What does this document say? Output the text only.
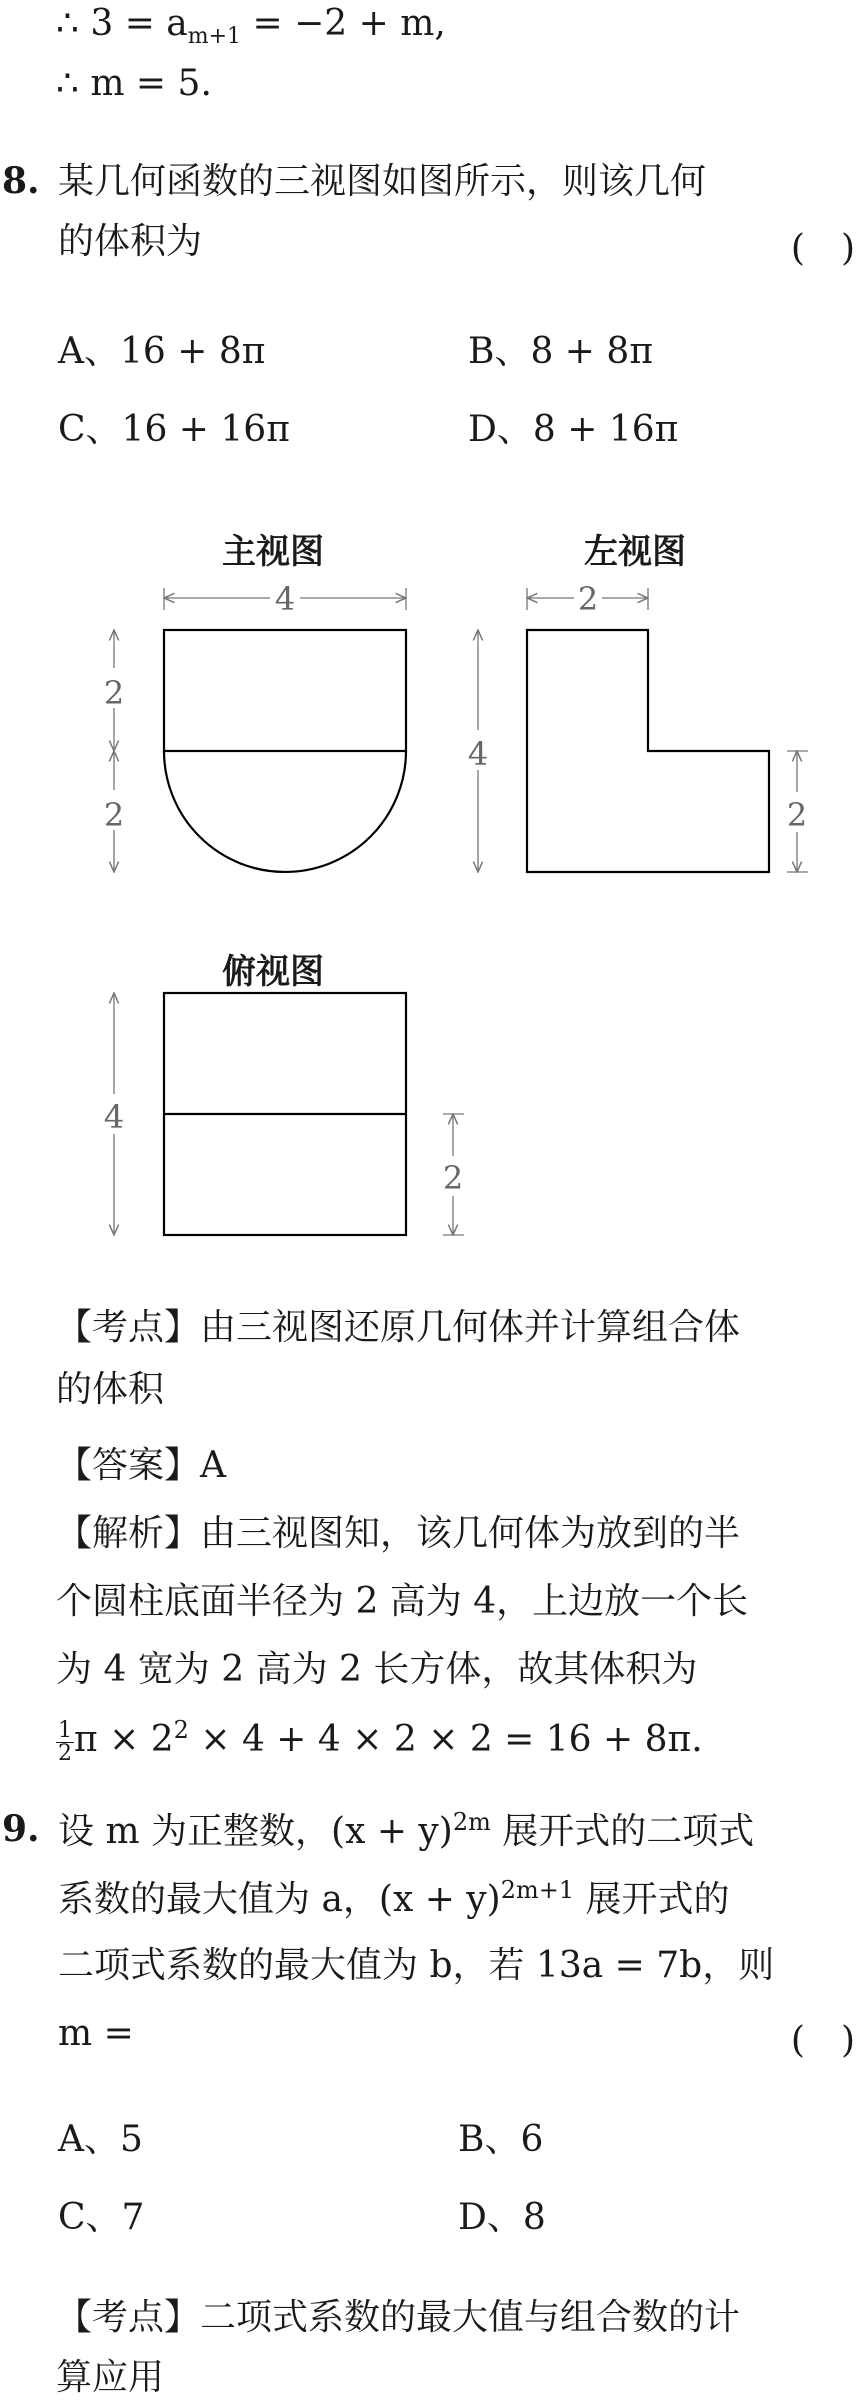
∴ $3 = a_{m+1} = -2 + m$,
∴ m = 5.
8. 某几何函数的三视图如图所示，则该几何
的体积为	(　)
A、16 + 8π	B、8 + 8π
C、16 + 16π	D、8 + 16π
主视图	左视图
俯视图
4
2
2
2
4
2
4
2
【考点】由三视图还原几何体并计算组合体
的体积
【答案】A
【解析】由三视图知，该几何体为放到的半
个圆柱底面半径为 2 高为 4，上边放一个长
为 4 宽为 2 高为 2 长方体，故其体积为
$\frac{1}{2}$ $\pi \times 2^2 \times 4 + 4 \times 2 \times 2 = 16 + 8\pi$.
9. 设 m 为正整数，$(x + y)^{2m}$ 展开式的二项式
系数的最大值为 a，$(x + y)^{2m+1}$ 展开式的
二项式系数的最大值为 b，若 13a = 7b，则
m =	(　)
A、5	B、6
C、7	D、8
【考点】二项式系数的最大值与组合数的计
算应用
